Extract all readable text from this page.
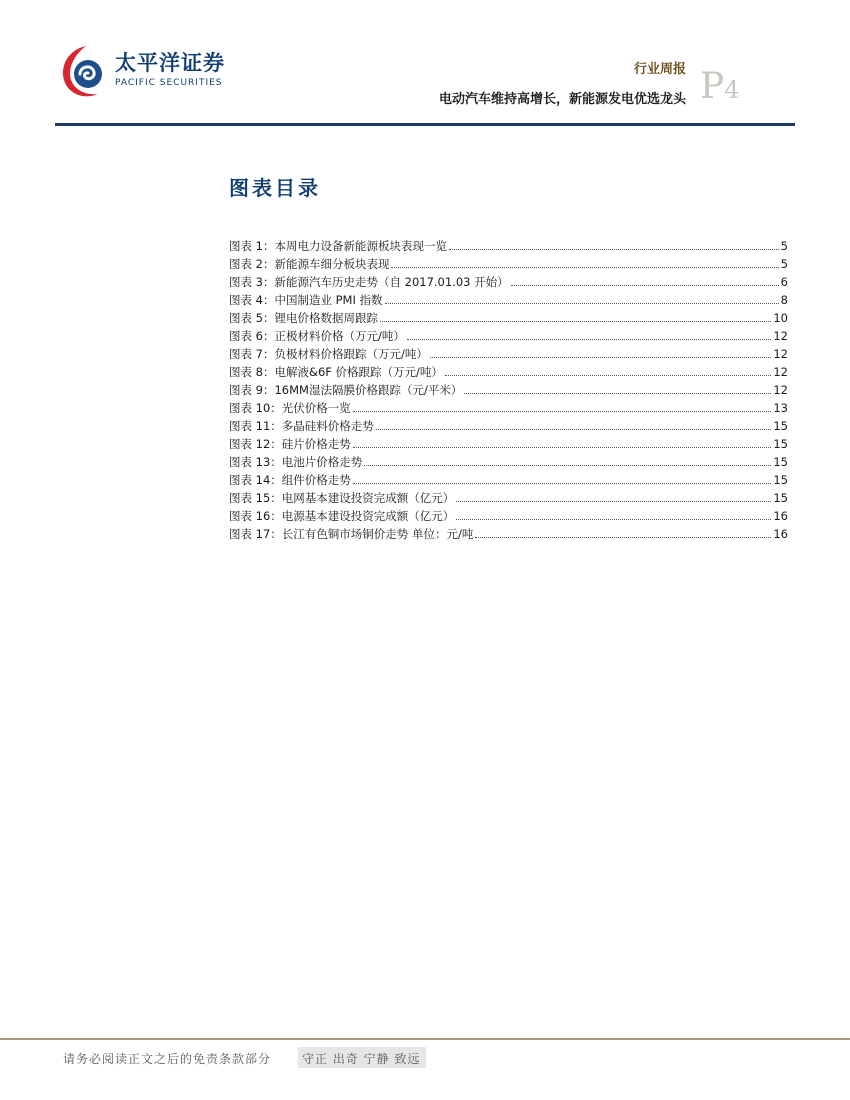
太平洋证券
PACIFIC SECURITIES
行业周报
电动汽车维持高增长，新能源发电优选龙头 P4
图表目录
图表 1：本周电力设备新能源板块表现一览	5
图表 2：新能源车细分板块表现	5
图表 3：新能源汽车历史走势（自 2017.01.03 开始）	6
图表 4：中国制造业 PMI 指数	8
图表 5：锂电价格数据周跟踪	10
图表 6：正极材料价格（万元/吨）	12
图表 7：负极材料价格跟踪（万元/吨）	12
图表 8：电解液&6F 价格跟踪（万元/吨）	12
图表 9：16MM湿法隔膜价格跟踪（元/平米）	12
图表 10：光伏价格一览	13
图表 11：多晶硅料价格走势	15
图表 12：硅片价格走势	15
图表 13：电池片价格走势	15
图表 14：组件价格走势	15
图表 15：电网基本建设投资完成额（亿元）	15
图表 16：电源基本建设投资完成额（亿元）	16
图表 17：长江有色铜市场铜价走势 单位：元/吨	16
请务必阅读正文之后的免责条款部分	守正 出奇 宁静 致远
